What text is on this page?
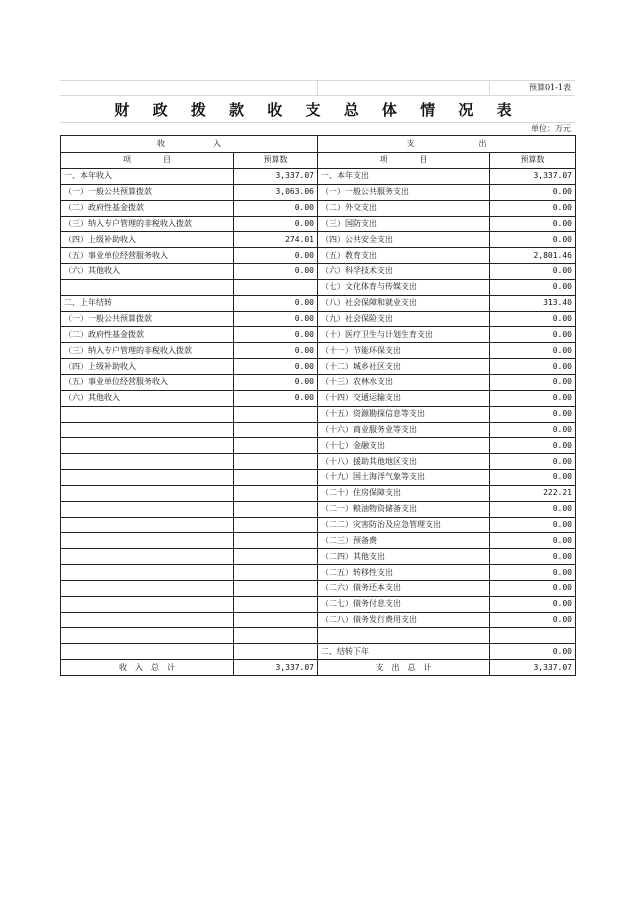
预算01-1表
财 政 拨 款 收 支 总 体 情 况 表
单位：万元
收　　　　　　入		支　　　　　　　　出	
项　　　　目	预算数	项　　　　目	预算数
一、本年收入	3,337.07	一、本年支出	3,337.07
（一）一般公共预算拨款	3,063.06	（一）一般公共服务支出	0.00
（二）政府性基金拨款	0.00	（二）外交支出	0.00
（三）纳入专户管理的非税收入拨款	0.00	（三）国防支出	0.00
（四）上级补助收入	274.01	（四）公共安全支出	0.00
（五）事业单位经营服务收入	0.00	（五）教育支出	2,801.46
（六）其他收入	0.00	（六）科学技术支出	0.00
		（七）文化体育与传媒支出	0.00
二、上年结转	0.00	（八）社会保障和就业支出	313.40
（一）一般公共预算拨款	0.00	（九）社会保险支出	0.00
（二）政府性基金拨款	0.00	（十）医疗卫生与计划生育支出	0.00
（三）纳入专户管理的非税收入拨款	0.00	（十一）节能环保支出	0.00
（四）上级补助收入	0.00	（十二）城乡社区支出	0.00
（五）事业单位经营服务收入	0.00	（十三）农林水支出	0.00
（六）其他收入	0.00	（十四）交通运输支出	0.00
		（十五）资源勘探信息等支出	0.00
		（十六）商业服务业等支出	0.00
		（十七）金融支出	0.00
		（十八）援助其他地区支出	0.00
		（十九）国土海洋气象等支出	0.00
		（二十）住房保障支出	222.21
		（二一）粮油物资储备支出	0.00
		（二二）灾害防治及应急管理支出	0.00
		（二三）预备费	0.00
		（二四）其他支出	0.00
		（二五）转移性支出	0.00
		（二六）债务还本支出	0.00
		（二七）债务付息支出	0.00
		（二八）债务发行费用支出	0.00

		二、结转下年	0.00
收　入　总　计	3,337.07	支　出　总　计	3,337.07
